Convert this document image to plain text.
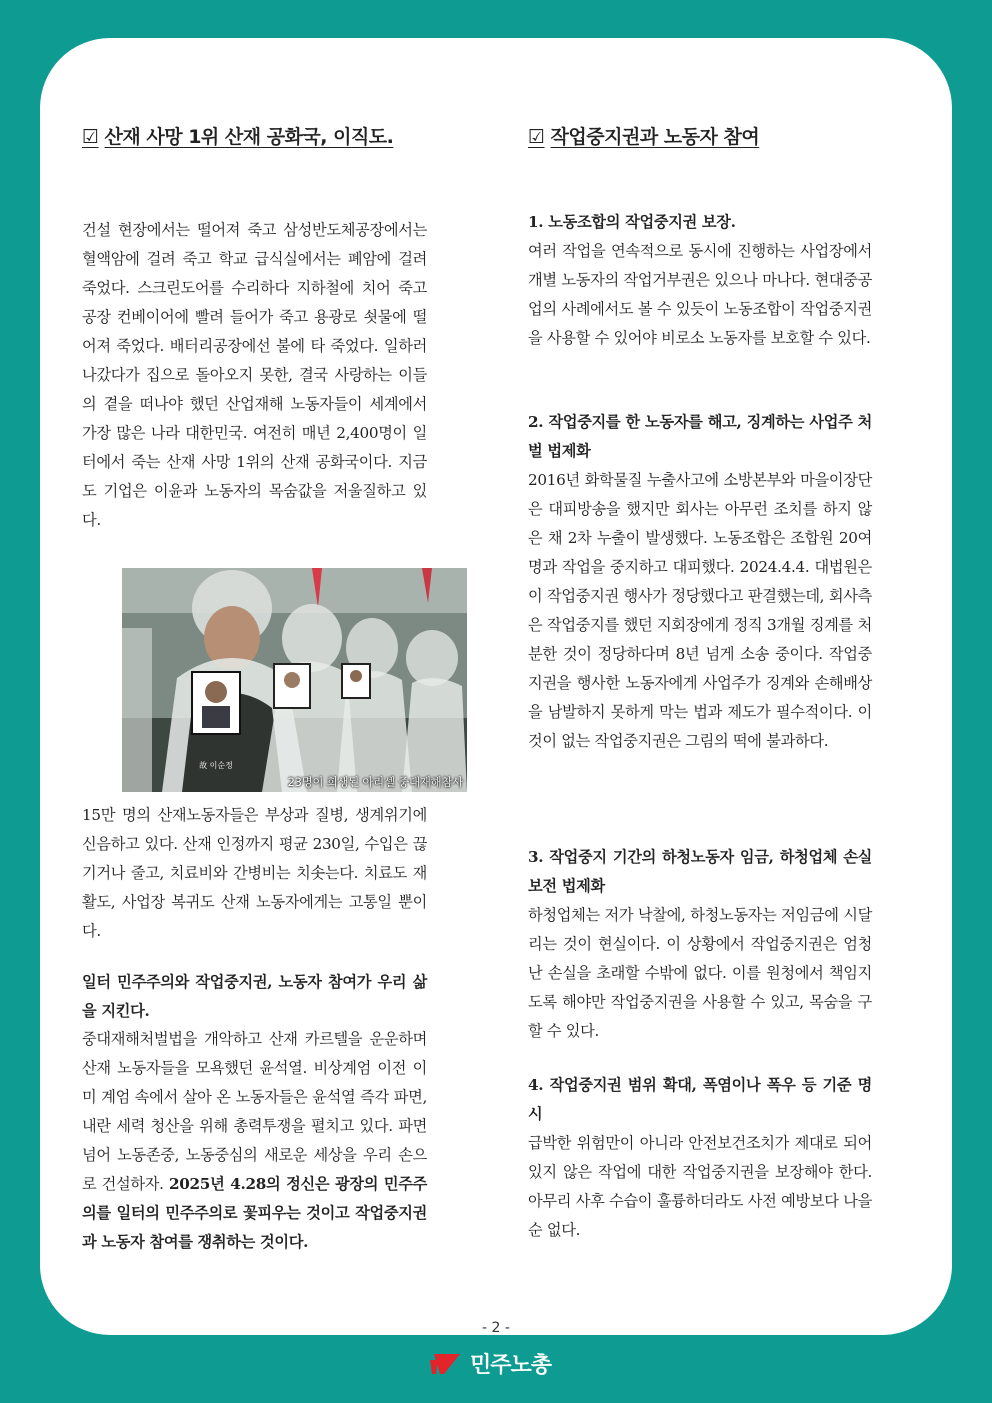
☑ 산재 사망 1위 산재 공화국, 이직도.
건설 현장에서는 떨어져 죽고 삼성반도체공장에서는 혈액암에 걸려 죽고 학교 급식실에서는 폐암에 걸려 죽었다. 스크린도어를 수리하다 지하철에 치어 죽고 공장 컨베이어에 빨려 들어가 죽고 용광로 쇳물에 떨어져 죽었다. 배터리공장에선 불에 타 죽었다. 일하러 나갔다가 집으로 돌아오지 못한, 결국 사랑하는 이들의 곁을 떠나야 했던 산업재해 노동자들이 세계에서 가장 많은 나라 대한민국. 여전히 매년 2,400명이 일터에서 죽는 산재 사망 1위의 산재 공화국이다. 지금도 기업은 이윤과 노동자의 목숨값을 저울질하고 있다.
15만 명의 산재노동자들은 부상과 질병, 생계위기에 신음하고 있다. 산재 인정까지 평균 230일, 수입은 끊기거나 줄고, 치료비와 간병비는 치솟는다. 치료도 재활도, 사업장 복귀도 산재 노동자에게는 고통일 뿐이다.
일터 민주주의와 작업중지권, 노동자 참여가 우리 삶을 지킨다.
중대재해처벌법을 개악하고 산재 카르텔을 운운하며 산재 노동자들을 모욕했던 윤석열. 비상계엄 이전 이미 계엄 속에서 살아 온 노동자들은 윤석열 즉각 파면, 내란 세력 청산을 위해 총력투쟁을 펼치고 있다. 파면 넘어 노동존중, 노동중심의 새로운 세상을 우리 손으로 건설하자. 2025년 4.28의 정신은 광장의 민주주의를 일터의 민주주의로 꽃피우는 것이고 작업중지권과 노동자 참여를 쟁취하는 것이다.
故 이순정
23명이 희생된 아리셀 중대재해참사
☑ 작업중지권과 노동자 참여
1. 노동조합의 작업중지권 보장.
여러 작업을 연속적으로 동시에 진행하는 사업장에서 개별 노동자의 작업거부권은 있으나 마나다. 현대중공업의 사례에서도 볼 수 있듯이 노동조합이 작업중지권을 사용할 수 있어야 비로소 노동자를 보호할 수 있다.
2. 작업중지를 한 노동자를 해고, 징계하는 사업주 처벌 법제화
2016년 화학물질 누출사고에 소방본부와 마을이장단은 대피방송을 했지만 회사는 아무런 조치를 하지 않은 채 2차 누출이 발생했다. 노동조합은 조합원 20여 명과 작업을 중지하고 대피했다. 2024.4.4. 대법원은 이 작업중지권 행사가 정당했다고 판결했는데, 회사측은 작업중지를 했던 지회장에게 정직 3개월 징계를 처분한 것이 정당하다며 8년 넘게 소송 중이다. 작업중지권을 행사한 노동자에게 사업주가 징계와 손해배상을 남발하지 못하게 막는 법과 제도가 필수적이다. 이것이 없는 작업중지권은 그림의 떡에 불과하다.
3. 작업중지 기간의 하청노동자 임금, 하청업체 손실보전 법제화
하청업체는 저가 낙찰에, 하청노동자는 저임금에 시달리는 것이 현실이다. 이 상황에서 작업중지권은 엄청난 손실을 초래할 수밖에 없다. 이를 원청에서 책임지도록 해야만 작업중지권을 사용할 수 있고, 목숨을 구할 수 있다.
4. 작업중지권 범위 확대, 폭염이나 폭우 등 기준 명시
급박한 위험만이 아니라 안전보건조치가 제대로 되어 있지 않은 작업에 대한 작업중지권을 보장해야 한다. 아무리 사후 수습이 훌륭하더라도 사전 예방보다 나을 순 없다.
- 2 -
민주노총
